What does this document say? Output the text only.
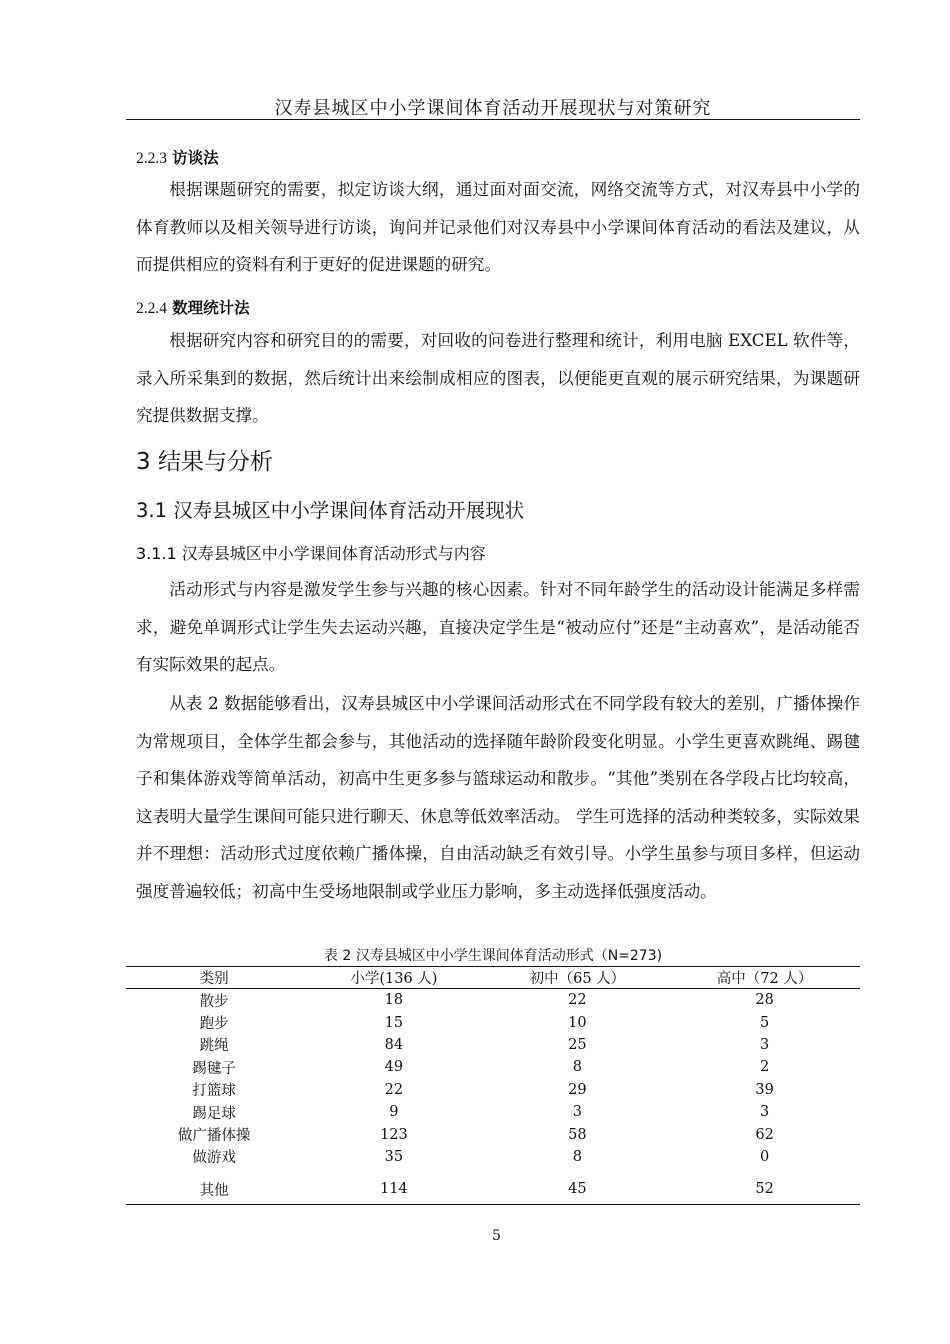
汉寿县城区中小学课间体育活动开展现状与对策研究
2.2.3 访谈法
根据课题研究的需要，拟定访谈大纲，通过面对面交流，网络交流等方式，对汉寿县中小学的体育教师以及相关领导进行访谈，询问并记录他们对汉寿县中小学课间体育活动的看法及建议，从而提供相应的资料有利于更好的促进课题的研究。
2.2.4 数理统计法
根据研究内容和研究目的的需要，对回收的问卷进行整理和统计，利用电脑 EXCEL 软件等，录入所采集到的数据，然后统计出来绘制成相应的图表，以便能更直观的展示研究结果，为课题研究提供数据支撑。
3 结果与分析
3.1 汉寿县城区中小学课间体育活动开展现状
3.1.1 汉寿县城区中小学课间体育活动形式与内容
活动形式与内容是激发学生参与兴趣的核心因素。针对不同年龄学生的活动设计能满足多样需求，避免单调形式让学生失去运动兴趣，直接决定学生是“被动应付”还是“主动喜欢”，是活动能否有实际效果的起点。
从表 2 数据能够看出，汉寿县城区中小学课间活动形式在不同学段有较大的差别，广播体操作为常规项目，全体学生都会参与，其他活动的选择随年龄阶段变化明显。小学生更喜欢跳绳、踢毽子和集体游戏等简单活动，初高中生更多参与篮球运动和散步。“其他”类别在各学段占比均较高，这表明大量学生课间可能只进行聊天、休息等低效率活动。 学生可选择的活动种类较多，实际效果并不理想：活动形式过度依赖广播体操，自由活动缺乏有效引导。小学生虽参与项目多样，但运动强度普遍较低；初高中生受场地限制或学业压力影响，多主动选择低强度活动。
表 2 汉寿县城区中小学生课间体育活动形式（N=273)
类别	小学(136 人)	初中（65 人）	高中（72 人）
散步	18	22	28
跑步	15	10	5
跳绳	84	25	3
踢毽子	49	8	2
打篮球	22	29	39
踢足球	9	3	3
做广播体操	123	58	62
做游戏	35	8	0
其他	114	45	52
5
